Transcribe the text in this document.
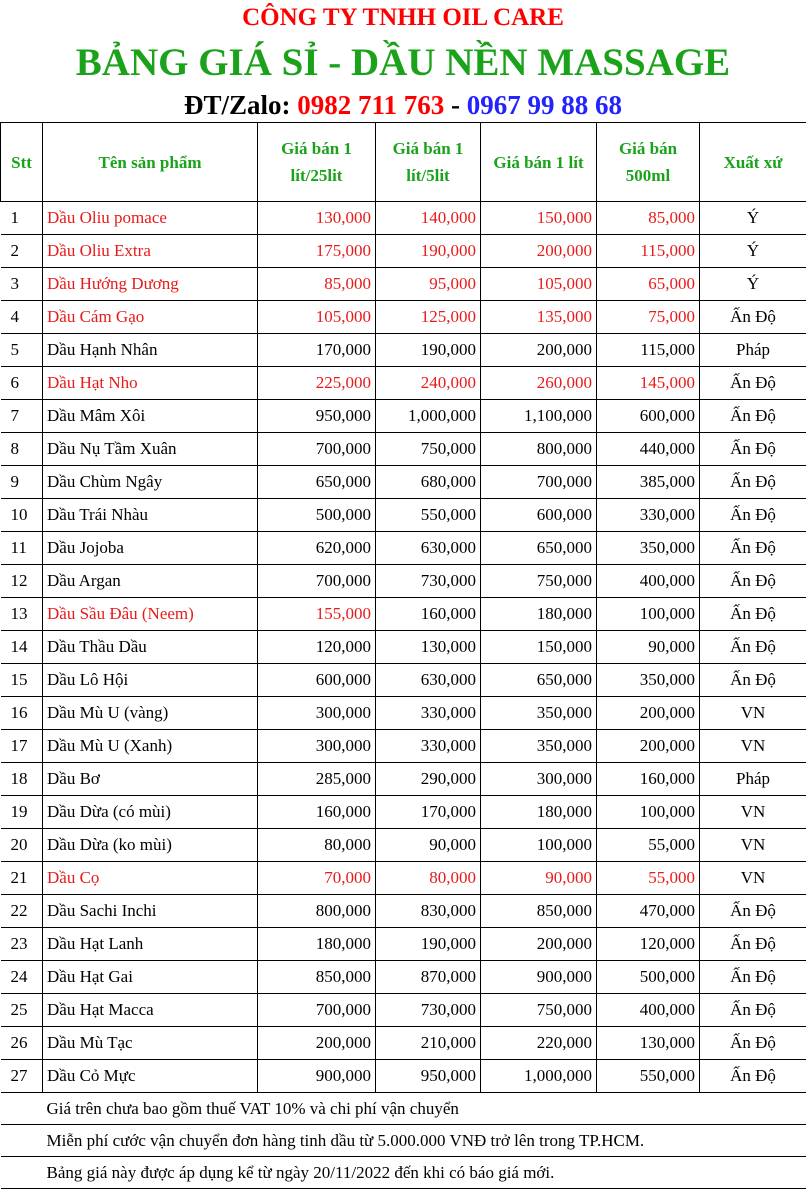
CÔNG TY TNHH OIL CARE
BẢNG GIÁ SỈ - DẦU NỀN MASSAGE
ĐT/Zalo: 0982 711 763 - 0967 99 88 68
Stt	Tên sản phẩm	Giá bán 1 lít/25lit	Giá bán 1 lít/5lit	Giá bán 1 lít	Giá bán 500ml	Xuất xứ
1	Dầu Oliu pomace	130,000	140,000	150,000	85,000	Ý
2	Dầu Oliu Extra	175,000	190,000	200,000	115,000	Ý
3	Dầu Hướng Dương	85,000	95,000	105,000	65,000	Ý
4	Dầu Cám Gạo	105,000	125,000	135,000	75,000	Ấn Độ
5	Dầu Hạnh Nhân	170,000	190,000	200,000	115,000	Pháp
6	Dầu Hạt Nho	225,000	240,000	260,000	145,000	Ấn Độ
7	Dầu Mâm Xôi	950,000	1,000,000	1,100,000	600,000	Ấn Độ
8	Dầu Nụ Tầm Xuân	700,000	750,000	800,000	440,000	Ấn Độ
9	Dầu Chùm Ngây	650,000	680,000	700,000	385,000	Ấn Độ
10	Dầu Trái Nhàu	500,000	550,000	600,000	330,000	Ấn Độ
11	Dầu Jojoba	620,000	630,000	650,000	350,000	Ấn Độ
12	Dầu Argan	700,000	730,000	750,000	400,000	Ấn Độ
13	Dầu Sầu Đâu (Neem)	155,000	160,000	180,000	100,000	Ấn Độ
14	Dầu Thầu Dầu	120,000	130,000	150,000	90,000	Ấn Độ
15	Dầu Lô Hội	600,000	630,000	650,000	350,000	Ấn Độ
16	Dầu Mù U (vàng)	300,000	330,000	350,000	200,000	VN
17	Dầu Mù U (Xanh)	300,000	330,000	350,000	200,000	VN
18	Dầu Bơ	285,000	290,000	300,000	160,000	Pháp
19	Dầu Dừa (có mùi)	160,000	170,000	180,000	100,000	VN
20	Dầu Dừa (ko mùi)	80,000	90,000	100,000	55,000	VN
21	Dầu Cọ	70,000	80,000	90,000	55,000	VN
22	Dầu Sachi Inchi	800,000	830,000	850,000	470,000	Ấn Độ
23	Dầu Hạt Lanh	180,000	190,000	200,000	120,000	Ấn Độ
24	Dầu Hạt Gai	850,000	870,000	900,000	500,000	Ấn Độ
25	Dầu Hạt Macca	700,000	730,000	750,000	400,000	Ấn Độ
26	Dầu Mù Tạc	200,000	210,000	220,000	130,000	Ấn Độ
27	Dầu Cỏ Mực	900,000	950,000	1,000,000	550,000	Ấn Độ
Giá trên chưa bao gồm thuế VAT 10% và chi phí vận chuyển						
Miễn phí cước vận chuyển đơn hàng tinh dầu từ 5.000.000 VNĐ trở lên trong TP.HCM.						
Bảng giá này được áp dụng kể từ ngày 20/11/2022 đến khi có báo giá mới.						
